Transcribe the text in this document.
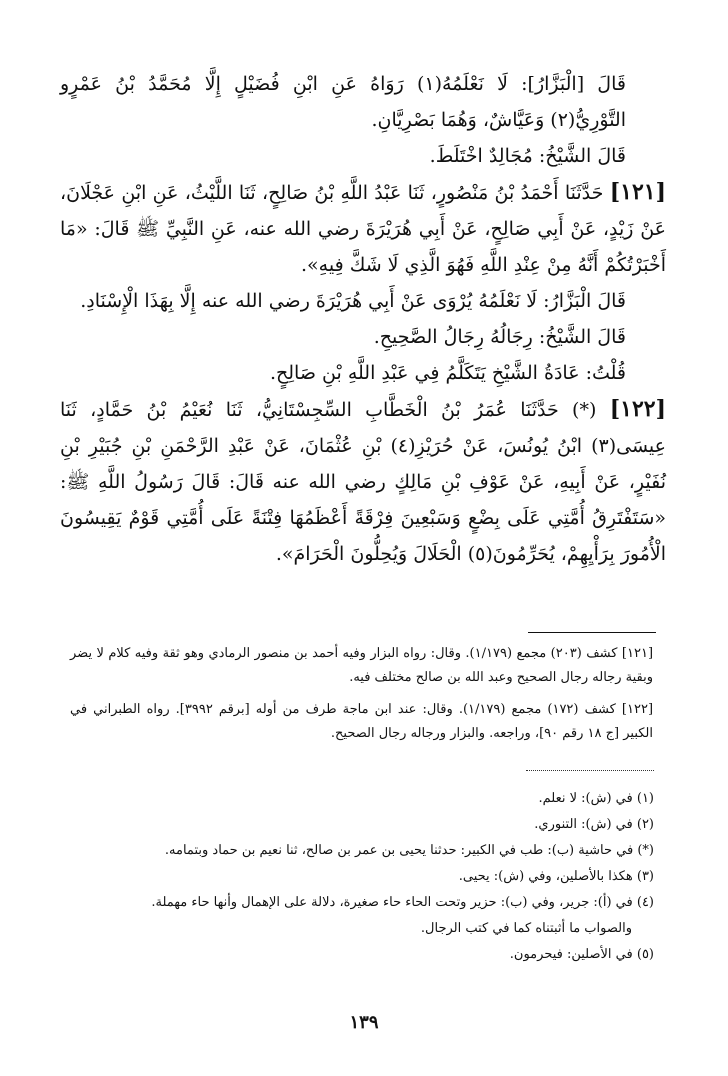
قَالَ [الْبَزَّارُ]: لَا نَعْلَمُهُ(١) رَوَاهُ عَنِ ابْنِ فُضَيْلٍ إِلَّا مُحَمَّدُ بْنُ عَمْرٍو التَّوْرِيُّ(٢) وَعَيَّاشٌ، وَهُمَا بَصْرِيَّانِ.

قَالَ الشَّيْخُ: مُجَالِدٌ اخْتَلَطَ.

[١٢١] حَدَّثَنَا أَحْمَدُ بْنُ مَنْصُورٍ، ثَنَا عَبْدُ اللَّهِ بْنُ صَالِحٍ، ثَنَا اللَّيْثُ، عَنِ ابْنِ عَجْلَانَ، عَنْ زَيْدٍ، عَنْ أَبِي صَالِحٍ، عَنْ أَبِي هُرَيْرَةَ رضي الله عنه، عَنِ النَّبِيِّ ﷺ قَالَ: «مَا أَخْبَرْتُكُمْ أَنَّهُ مِنْ عِنْدِ اللَّهِ فَهُوَ الَّذِي لَا شَكَّ فِيهِ».

قَالَ الْبَزَّارُ: لَا نَعْلَمُهُ يُرْوَى عَنْ أَبِي هُرَيْرَةَ رضي الله عنه إِلَّا بِهَذَا الْإِسْنَادِ.

قَالَ الشَّيْخُ: رِجَالُهُ رِجَالُ الصَّحِيحِ.

قُلْتُ: عَادَةُ الشَّيْخِ يَتَكَلَّمُ فِي عَبْدِ اللَّهِ بْنِ صَالِحٍ.

[١٢٢] (*) حَدَّثَنَا عُمَرُ بْنُ الْخَطَّابِ السِّجِسْتَانِيُّ، ثَنَا نُعَيْمُ بْنُ حَمَّادٍ، ثَنَا عِيسَى(٣) ابْنُ يُونُسَ، عَنْ حُرَيْزِ(٤) بْنِ عُثْمَانَ، عَنْ عَبْدِ الرَّحْمَنِ بْنِ جُبَيْرِ بْنِ نُفَيْرٍ، عَنْ أَبِيهِ، عَنْ عَوْفِ بْنِ مَالِكٍ رضي الله عنه قَالَ: قَالَ رَسُولُ اللَّهِ ﷺ: «سَتَفْتَرِقُ أُمَّتِي عَلَى بِضْعٍ وَسَبْعِينَ فِرْقَةً أَعْظَمُهَا فِتْنَةً عَلَى أُمَّتِي قَوْمٌ يَقِيسُونَ الْأُمُورَ بِرَأْيِهِمْ، يُحَرِّمُونَ(٥) الْحَلَالَ وَيُحِلُّونَ الْحَرَامَ».

[١٢١] كشف (٢٠٣) مجمع (١/١٧٩). وقال: رواه البزار وفيه أحمد بن منصور الرمادي وهو ثقة وفيه كلام لا يضر وبقية رجاله رجال الصحيح وعبد الله بن صالح مختلف فيه.

[١٢٢] كشف (١٧٢) مجمع (١/١٧٩). وقال: عند ابن ماجة طرف من أوله [برقم ٣٩٩٢]. رواه الطبراني في الكبير [ج ١٨ رقم ٩٠]، وراجعه. والبزار ورجاله رجال الصحيح.

(١) في (ش): لا نعلم.

(٢) في (ش): التنوري.

(*) في حاشية (ب): طب في الكبير: حدثنا يحيى بن عمر بن صالح، ثنا نعيم بن حماد وبتمامه.

(٣) هكذا بالأصلين، وفي (ش): يحيى.

(٤) في (أ): جرير، وفي (ب): حزير وتحت الحاء حاء صغيرة، دلالة على الإهمال وأنها حاء مهملة.

والصواب ما أثبتناه كما في كتب الرجال.

(٥) في الأصلين: فيحرمون.

١٣٩
